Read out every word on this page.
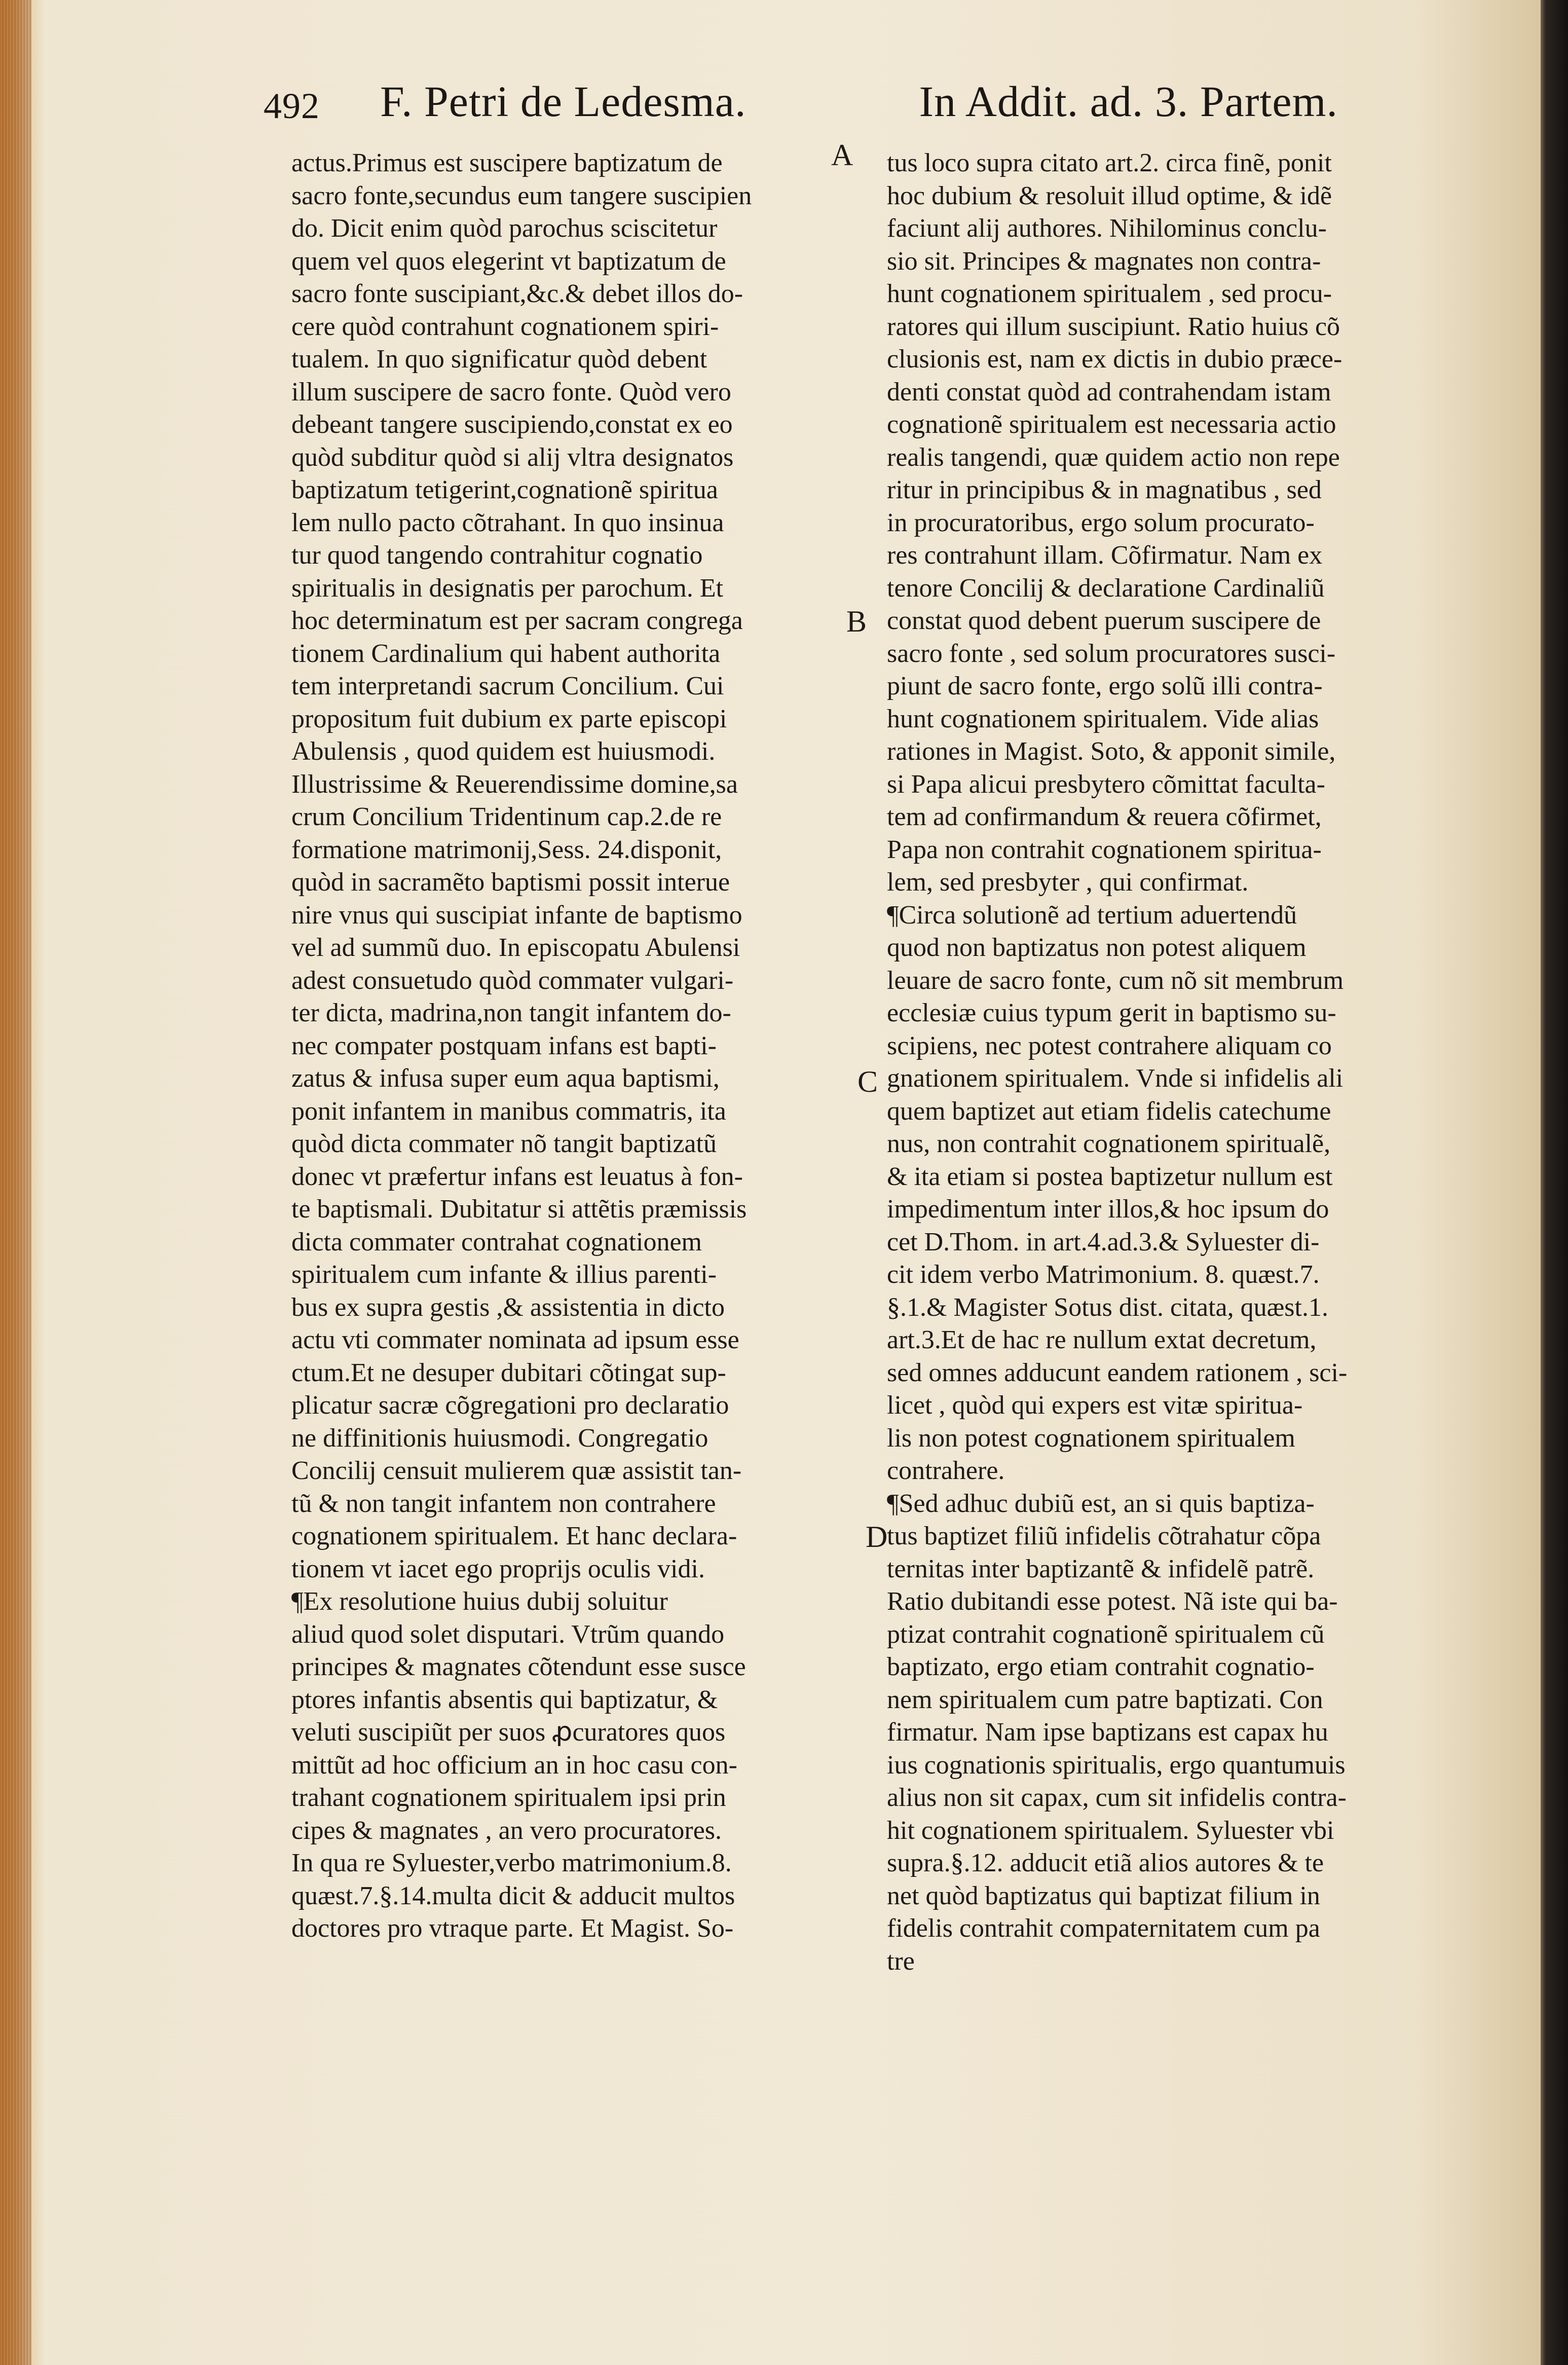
492 F. Petri de Ledesma.	In Addit. ad. 3. Partem.
actus.Primus est suscipere baptizatum de
sacro fonte,secundus eum tangere suscipien
do. Dicit enim quòd parochus sciscitetur
quem vel quos elegerint vt baptizatum de
sacro fonte suscipiant,&c.& debet illos do-
cere quòd contrahunt cognationem spiri-
tualem. In quo significatur quòd debent
illum suscipere de sacro fonte. Quòd vero
debeant tangere suscipiendo,constat ex eo
quòd subditur quòd si alij vltra designatos
baptizatum tetigerint,cognationẽ spiritua
lem nullo pacto cõtrahant. In quo insinua
tur quod tangendo contrahitur cognatio
spiritualis in designatis per parochum. Et
hoc determinatum est per sacram congrega
tionem Cardinalium qui habent authorita
tem interpretandi sacrum Concilium. Cui
propositum fuit dubium ex parte episcopi
Abulensis , quod quidem est huiusmodi.
Illustrissime & Reuerendissime domine,sa
crum Concilium Tridentinum cap.2.de re
formatione matrimonij,Sess. 24.disponit,
quòd in sacramẽto baptismi possit interue
nire vnus qui suscipiat infante de baptismo
vel ad summũ duo. In episcopatu Abulensi
adest consuetudo quòd commater vulgari-
ter dicta, madrina,non tangit infantem do-
nec compater postquam infans est bapti-
zatus & infusa super eum aqua baptismi,
ponit infantem in manibus commatris, ita
quòd dicta commater nõ tangit baptizatũ
donec vt præfertur infans est leuatus à fon-
te baptismali. Dubitatur si attẽtis præmissis
dicta commater contrahat cognationem
spiritualem cum infante & illius parenti-
bus ex supra gestis ,& assistentia in dicto
actu vti commater nominata ad ipsum esse
ctum.Et ne desuper dubitari cõtingat sup-
plicatur sacræ cõgregationi pro declaratio
ne diffinitionis huiusmodi. Congregatio
Concilij censuit mulierem quæ assistit tan-
tũ & non tangit infantem non contrahere
cognationem spiritualem. Et hanc declara-
tionem vt iacet ego proprijs oculis vidi.
¶Ex resolutione huius dubij soluitur
aliud quod solet disputari. Vtrũm quando
principes & magnates cõtendunt esse susce
ptores infantis absentis qui baptizatur, &
veluti suscipiũt per suos ꝓcuratores quos
mittũt ad hoc officium an in hoc casu con-
trahant cognationem spiritualem ipsi prin
cipes & magnates , an vero procuratores.
In qua re Syluester,verbo matrimonium.8.
quæst.7.§.14.multa dicit & adducit multos
doctores pro vtraque parte. Et Magist. So-
A
B
C
D
tus loco supra citato art.2. circa finẽ, ponit
hoc dubium & resoluit illud optime, & idẽ
faciunt alij authores. Nihilominus conclu-
sio sit. Principes & magnates non contra-
hunt cognationem spiritualem , sed procu-
ratores qui illum suscipiunt. Ratio huius cõ
clusionis est, nam ex dictis in dubio præce-
denti constat quòd ad contrahendam istam
cognationẽ spiritualem est necessaria actio
realis tangendi, quæ quidem actio non repe
ritur in principibus & in magnatibus , sed
in procuratoribus, ergo solum procurato-
res contrahunt illam. Cõfirmatur. Nam ex
tenore Concilij & declaratione Cardinaliũ
constat quod debent puerum suscipere de
sacro fonte , sed solum procuratores susci-
piunt de sacro fonte, ergo solũ illi contra-
hunt cognationem spiritualem. Vide alias
rationes in Magist. Soto, & apponit simile,
si Papa alicui presbytero cõmittat faculta-
tem ad confirmandum & reuera cõfirmet,
Papa non contrahit cognationem spiritua-
lem, sed presbyter , qui confirmat.
¶Circa solutionẽ ad tertium aduertendũ
quod non baptizatus non potest aliquem
leuare de sacro fonte, cum nõ sit membrum
ecclesiæ cuius typum gerit in baptismo su-
scipiens, nec potest contrahere aliquam co
gnationem spiritualem. Vnde si infidelis ali
quem baptizet aut etiam fidelis catechume
nus, non contrahit cognationem spiritualẽ,
& ita etiam si postea baptizetur nullum est
impedimentum inter illos,& hoc ipsum do
cet D.Thom. in art.4.ad.3.& Syluester di-
cit idem verbo Matrimonium. 8. quæst.7.
§.1.& Magister Sotus dist. citata, quæst.1.
art.3.Et de hac re nullum extat decretum,
sed omnes adducunt eandem rationem , sci-
licet , quòd qui expers est vitæ spiritua-
lis non potest cognationem spiritualem
contrahere.
¶Sed adhuc dubiũ est, an si quis baptiza-
tus baptizet filiũ infidelis cõtrahatur cõpa
ternitas inter baptizantẽ & infidelẽ patrẽ.
Ratio dubitandi esse potest. Nã iste qui ba-
ptizat contrahit cognationẽ spiritualem cũ
baptizato, ergo etiam contrahit cognatio-
nem spiritualem cum patre baptizati. Con
firmatur. Nam ipse baptizans est capax hu
ius cognationis spiritualis, ergo quantumuis
alius non sit capax, cum sit infidelis contra-
hit cognationem spiritualem. Syluester vbi
supra.§.12. adducit etiã alios autores & te
net quòd baptizatus qui baptizat filium in
fidelis contrahit compaternitatem cum pa
tre
